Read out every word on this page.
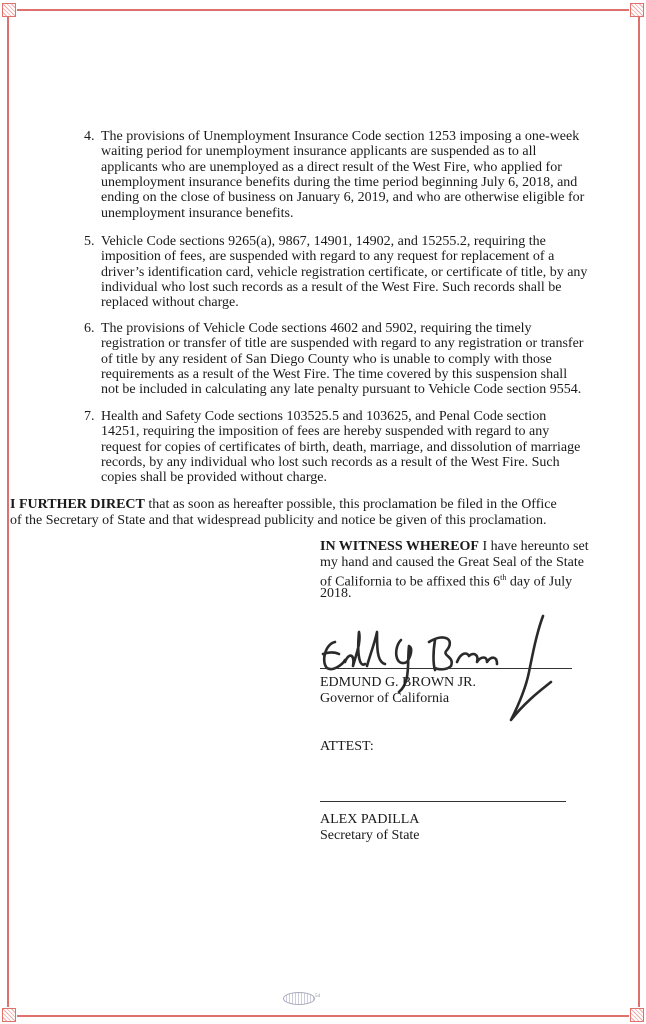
4. The provisions of Unemployment Insurance Code section 1253 imposing a one-week
waiting period for unemployment insurance applicants are suspended as to all
applicants who are unemployed as a direct result of the West Fire, who applied for
unemployment insurance benefits during the time period beginning July 6, 2018, and
ending on the close of business on January 6, 2019, and who are otherwise eligible for
unemployment insurance benefits.
5. Vehicle Code sections 9265(a), 9867, 14901, 14902, and 15255.2, requiring the
imposition of fees, are suspended with regard to any request for replacement of a
driver’s identification card, vehicle registration certificate, or certificate of title, by any
individual who lost such records as a result of the West Fire. Such records shall be
replaced without charge.
6. The provisions of Vehicle Code sections 4602 and 5902, requiring the timely
registration or transfer of title are suspended with regard to any registration or transfer
of title by any resident of San Diego County who is unable to comply with those
requirements as a result of the West Fire. The time covered by this suspension shall
not be included in calculating any late penalty pursuant to Vehicle Code section 9554.
7. Health and Safety Code sections 103525.5 and 103625, and Penal Code section
14251, requiring the imposition of fees are hereby suspended with regard to any
request for copies of certificates of birth, death, marriage, and dissolution of marriage
records, by any individual who lost such records as a result of the West Fire. Such
copies shall be provided without charge.
I FURTHER DIRECT that as soon as hereafter possible, this proclamation be filed in the Office
of the Secretary of State and that widespread publicity and notice be given of this proclamation.
IN WITNESS WHEREOF I have hereunto set
my hand and caused the Great Seal of the State
of California to be affixed this 6th day of July
2018.
EDMUND G. BROWN JR.
Governor of California
ATTEST:
ALEX PADILLA
Secretary of State
54
